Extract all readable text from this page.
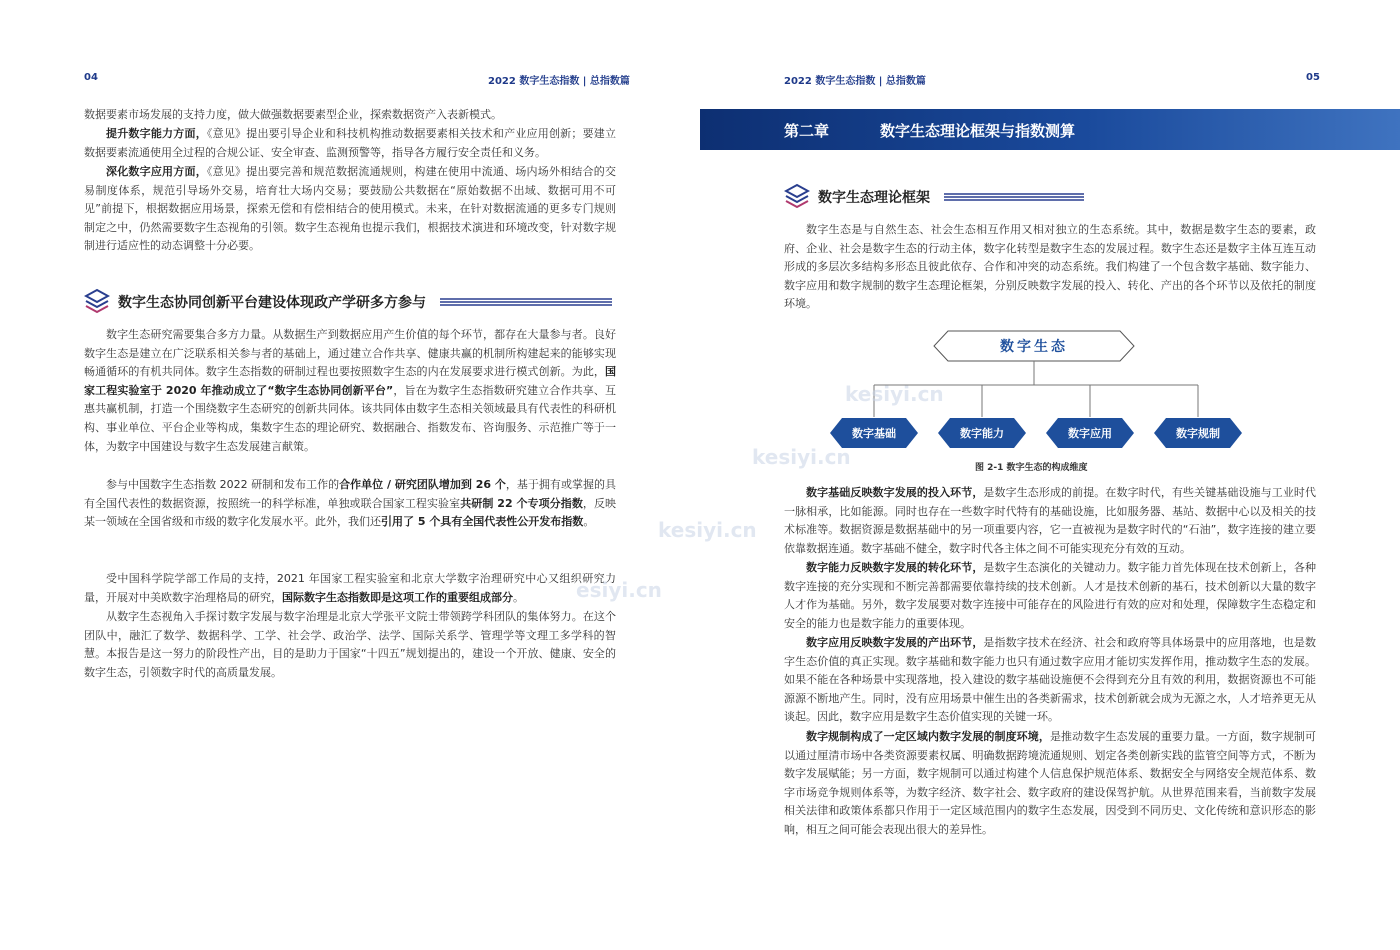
04	2022 数字生态指数 | 总指数篇
数据要素市场发展的支持力度，做大做强数据要素型企业，探索数据资产入表新模式。
提升数字能力方面，《意见》提出要引导企业和科技机构推动数据要素相关技术和产业应用创新；要建立数据要素流通使用全过程的合规公证、安全审查、监测预警等，指导各方履行安全责任和义务。
深化数字应用方面，《意见》提出要完善和规范数据流通规则，构建在使用中流通、场内场外相结合的交易制度体系，规范引导场外交易，培育壮大场内交易；要鼓励公共数据在“原始数据不出域、数据可用不可见”前提下，根据数据应用场景，探索无偿和有偿相结合的使用模式。未来，在针对数据流通的更多专门规则制定之中，仍然需要数字生态视角的引领。数字生态视角也提示我们，根据技术演进和环境改变，针对数字规制进行适应性的动态调整十分必要。
数字生态协同创新平台建设体现政产学研多方参与
数字生态研究需要集合多方力量。从数据生产到数据应用产生价值的每个环节，都存在大量参与者。良好数字生态是建立在广泛联系相关参与者的基础上，通过建立合作共享、健康共赢的机制所构建起来的能够实现畅通循环的有机共同体。数字生态指数的研制过程也要按照数字生态的内在发展要求进行模式创新。为此，国家工程实验室于 2020 年推动成立了“数字生态协同创新平台”，旨在为数字生态指数研究建立合作共享、互惠共赢机制，打造一个围绕数字生态研究的创新共同体。该共同体由数字生态相关领域最具有代表性的科研机构、事业单位、平台企业等构成，集数字生态的理论研究、数据融合、指数发布、咨询服务、示范推广等于一体，为数字中国建设与数字生态发展建言献策。
参与中国数字生态指数 2022 研制和发布工作的合作单位 / 研究团队增加到 26 个，基于拥有或掌握的具有全国代表性的数据资源，按照统一的科学标准，单独或联合国家工程实验室共研制 22 个专项分指数，反映某一领域在全国省级和市级的数字化发展水平。此外，我们还引用了 5 个具有全国代表性公开发布指数。
受中国科学院学部工作局的支持，2021 年国家工程实验室和北京大学数字治理研究中心又组织研究力量，开展对中美欧数字治理格局的研究，国际数字生态指数即是这项工作的重要组成部分。
从数字生态视角入手探讨数字发展与数字治理是北京大学张平文院士带领跨学科团队的集体努力。在这个团队中，融汇了数学、数据科学、工学、社会学、政治学、法学、国际关系学、管理学等文理工多学科的智慧。本报告是这一努力的阶段性产出，目的是助力于国家“十四五”规划提出的，建设一个开放、健康、安全的数字生态，引领数字时代的高质量发展。
2022 数字生态指数 | 总指数篇	05
第二章	数字生态理论框架与指数测算
数字生态理论框架
数字生态是与自然生态、社会生态相互作用又相对独立的生态系统。其中，数据是数字生态的要素，政府、企业、社会是数字生态的行动主体，数字化转型是数字生态的发展过程。数字生态还是数字主体互连互动形成的多层次多结构多形态且彼此依存、合作和冲突的动态系统。我们构建了一个包含数字基础、数字能力、数字应用和数字规制的数字生态理论框架，分别反映数字发展的投入、转化、产出的各个环节以及依托的制度环境。
数字生态
数字基础	数字能力	数字应用	数字规制
图 2-1 数字生态的构成维度
数字基础反映数字发展的投入环节，是数字生态形成的前提。在数字时代，有些关键基础设施与工业时代一脉相承，比如能源。同时也存在一些数字时代特有的基础设施，比如服务器、基站、数据中心以及相关的技术标准等。数据资源是数据基础中的另一项重要内容，它一直被视为是数字时代的“石油”，数字连接的建立要依靠数据连通。数字基础不健全，数字时代各主体之间不可能实现充分有效的互动。
数字能力反映数字发展的转化环节，是数字生态演化的关键动力。数字能力首先体现在技术创新上，各种数字连接的充分实现和不断完善都需要依靠持续的技术创新。人才是技术创新的基石，技术创新以大量的数字人才作为基础。另外，数字发展要对数字连接中可能存在的风险进行有效的应对和处理，保障数字生态稳定和安全的能力也是数字能力的重要体现。
数字应用反映数字发展的产出环节，是指数字技术在经济、社会和政府等具体场景中的应用落地，也是数字生态价值的真正实现。数字基础和数字能力也只有通过数字应用才能切实发挥作用，推动数字生态的发展。如果不能在各种场景中实现落地，投入建设的数字基础设施便不会得到充分且有效的利用，数据资源也不可能源源不断地产生。同时，没有应用场景中催生出的各类新需求，技术创新就会成为无源之水，人才培养更无从谈起。因此，数字应用是数字生态价值实现的关键一环。
数字规制构成了一定区域内数字发展的制度环境，是推动数字生态发展的重要力量。一方面，数字规制可以通过厘清市场中各类资源要素权属、明确数据跨境流通规则、划定各类创新实践的监管空间等方式，不断为数字发展赋能；另一方面，数字规制可以通过构建个人信息保护规范体系、数据安全与网络安全规范体系、数字市场竞争规则体系等，为数字经济、数字社会、数字政府的建设保驾护航。从世界范围来看，当前数字发展相关法律和政策体系都只作用于一定区域范围内的数字生态发展，因受到不同历史、文化传统和意识形态的影响，相互之间可能会表现出很大的差异性。
kesiyi.cn
kesiyi.cn
kesiyi.cn
esiyi.cn
